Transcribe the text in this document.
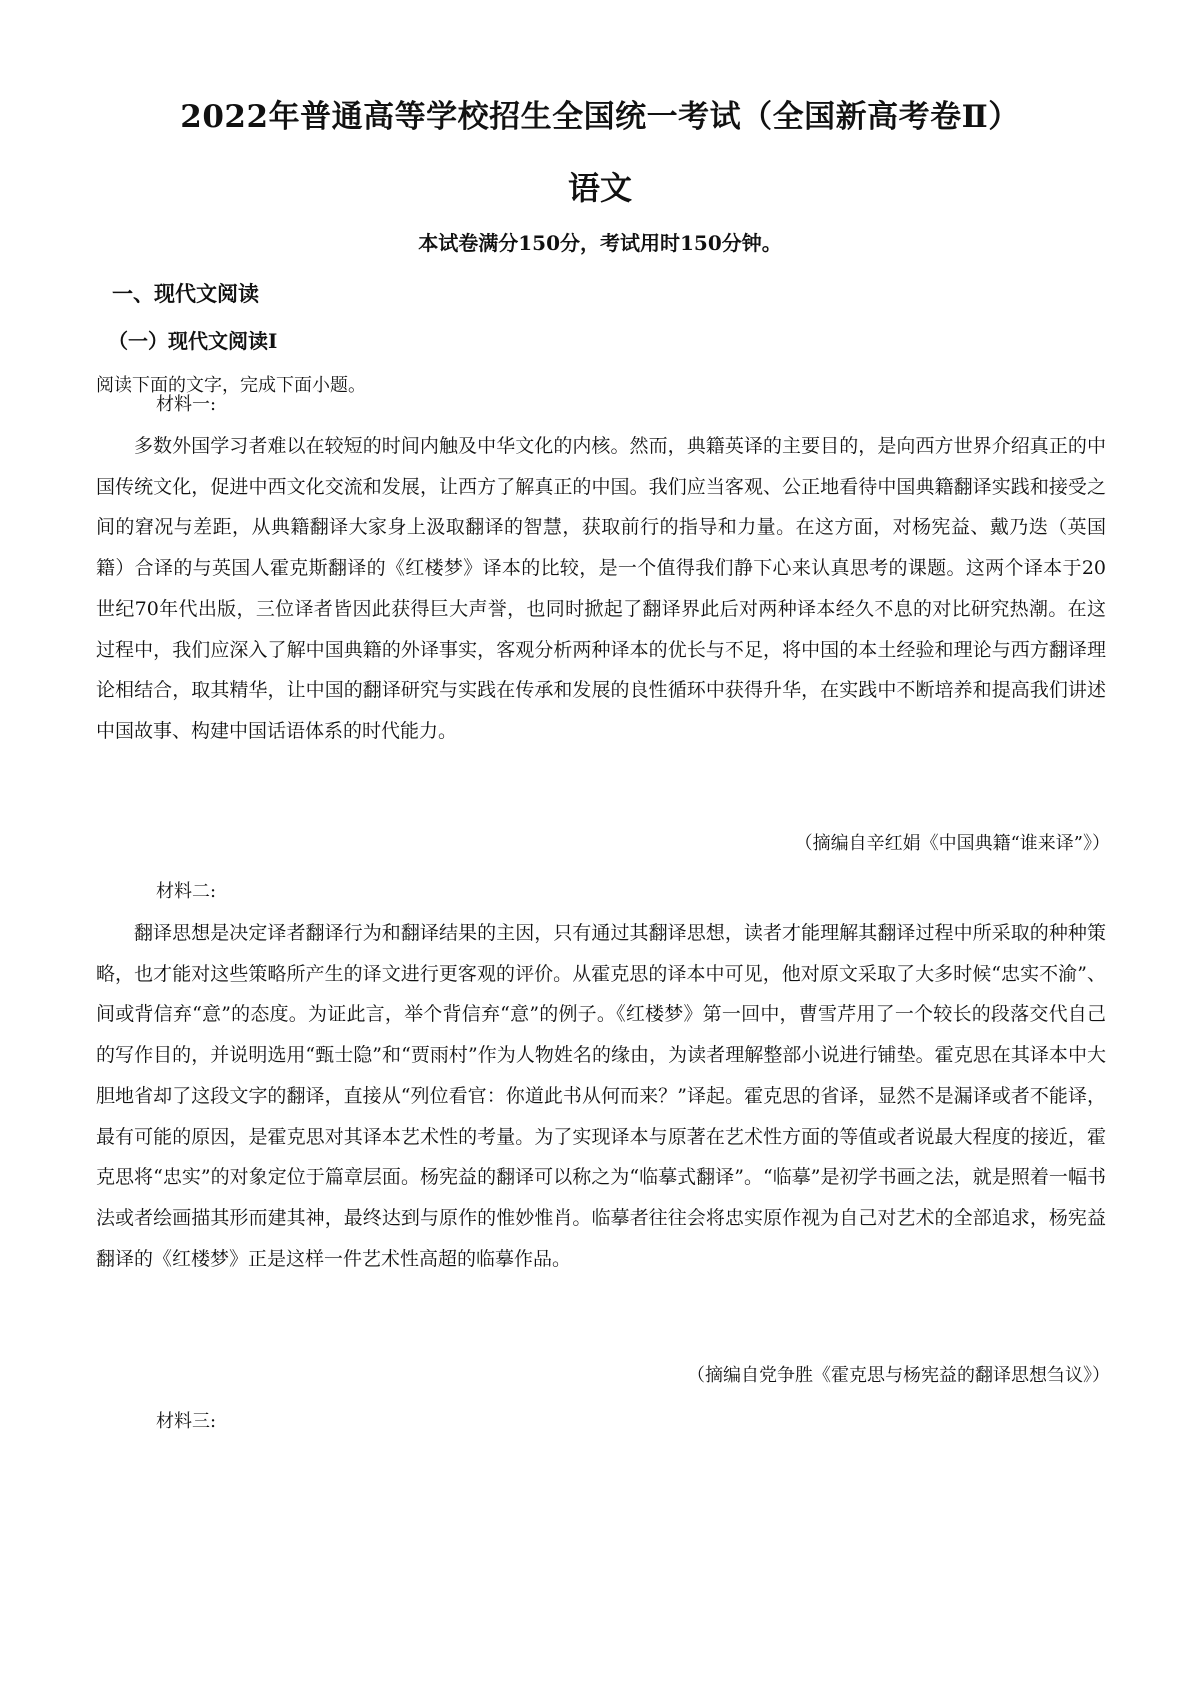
2022年普通高等学校招生全国统一考试（全国新高考卷Ⅱ）
语文
本试卷满分150分，考试用时150分钟。
一、现代文阅读
（一）现代文阅读Ⅰ
阅读下面的文字，完成下面小题。
材料一:
多数外国学习者难以在较短的时间内触及中华文化的内核。然而，典籍英译的主要目的，是向西方世界介绍真正的中国传统文化，促进中西文化交流和发展，让西方了解真正的中国。我们应当客观、公正地看待中国典籍翻译实践和接受之间的窘况与差距，从典籍翻译大家身上汲取翻译的智慧，获取前行的指导和力量。在这方面，对杨宪益、戴乃迭（英国籍）合译的与英国人霍克斯翻译的《红楼梦》译本的比较，是一个值得我们静下心来认真思考的课题。这两个译本于20世纪70年代出版，三位译者皆因此获得巨大声誉，也同时掀起了翻译界此后对两种译本经久不息的对比研究热潮。在这过程中，我们应深入了解中国典籍的外译事实，客观分析两种译本的优长与不足，将中国的本土经验和理论与西方翻译理论相结合，取其精华，让中国的翻译研究与实践在传承和发展的良性循环中获得升华，在实践中不断培养和提高我们讲述中国故事、构建中国话语体系的时代能力。
（摘编自辛红娟《中国典籍“谁来译”》）
材料二:
翻译思想是决定译者翻译行为和翻译结果的主因，只有通过其翻译思想，读者才能理解其翻译过程中所采取的种种策略，也才能对这些策略所产生的译文进行更客观的评价。从霍克思的译本中可见，他对原文采取了大多时候“忠实不渝”、间或背信弃“意”的态度。为证此言，举个背信弃“意”的例子。《红楼梦》第一回中，曹雪芹用了一个较长的段落交代自己的写作目的，并说明选用“甄士隐”和“贾雨村”作为人物姓名的缘由，为读者理解整部小说进行铺垫。霍克思在其译本中大胆地省却了这段文字的翻译，直接从“列位看官：你道此书从何而来？”译起。霍克思的省译，显然不是漏译或者不能译，最有可能的原因，是霍克思对其译本艺术性的考量。为了实现译本与原著在艺术性方面的等值或者说最大程度的接近，霍克思将“忠实”的对象定位于篇章层面。杨宪益的翻译可以称之为“临摹式翻译”。“临摹”是初学书画之法，就是照着一幅书法或者绘画描其形而建其神，最终达到与原作的惟妙惟肖。临摹者往往会将忠实原作视为自己对艺术的全部追求，杨宪益翻译的《红楼梦》正是这样一件艺术性高超的临摹作品。
（摘编自党争胜《霍克思与杨宪益的翻译思想刍议》）
材料三:
